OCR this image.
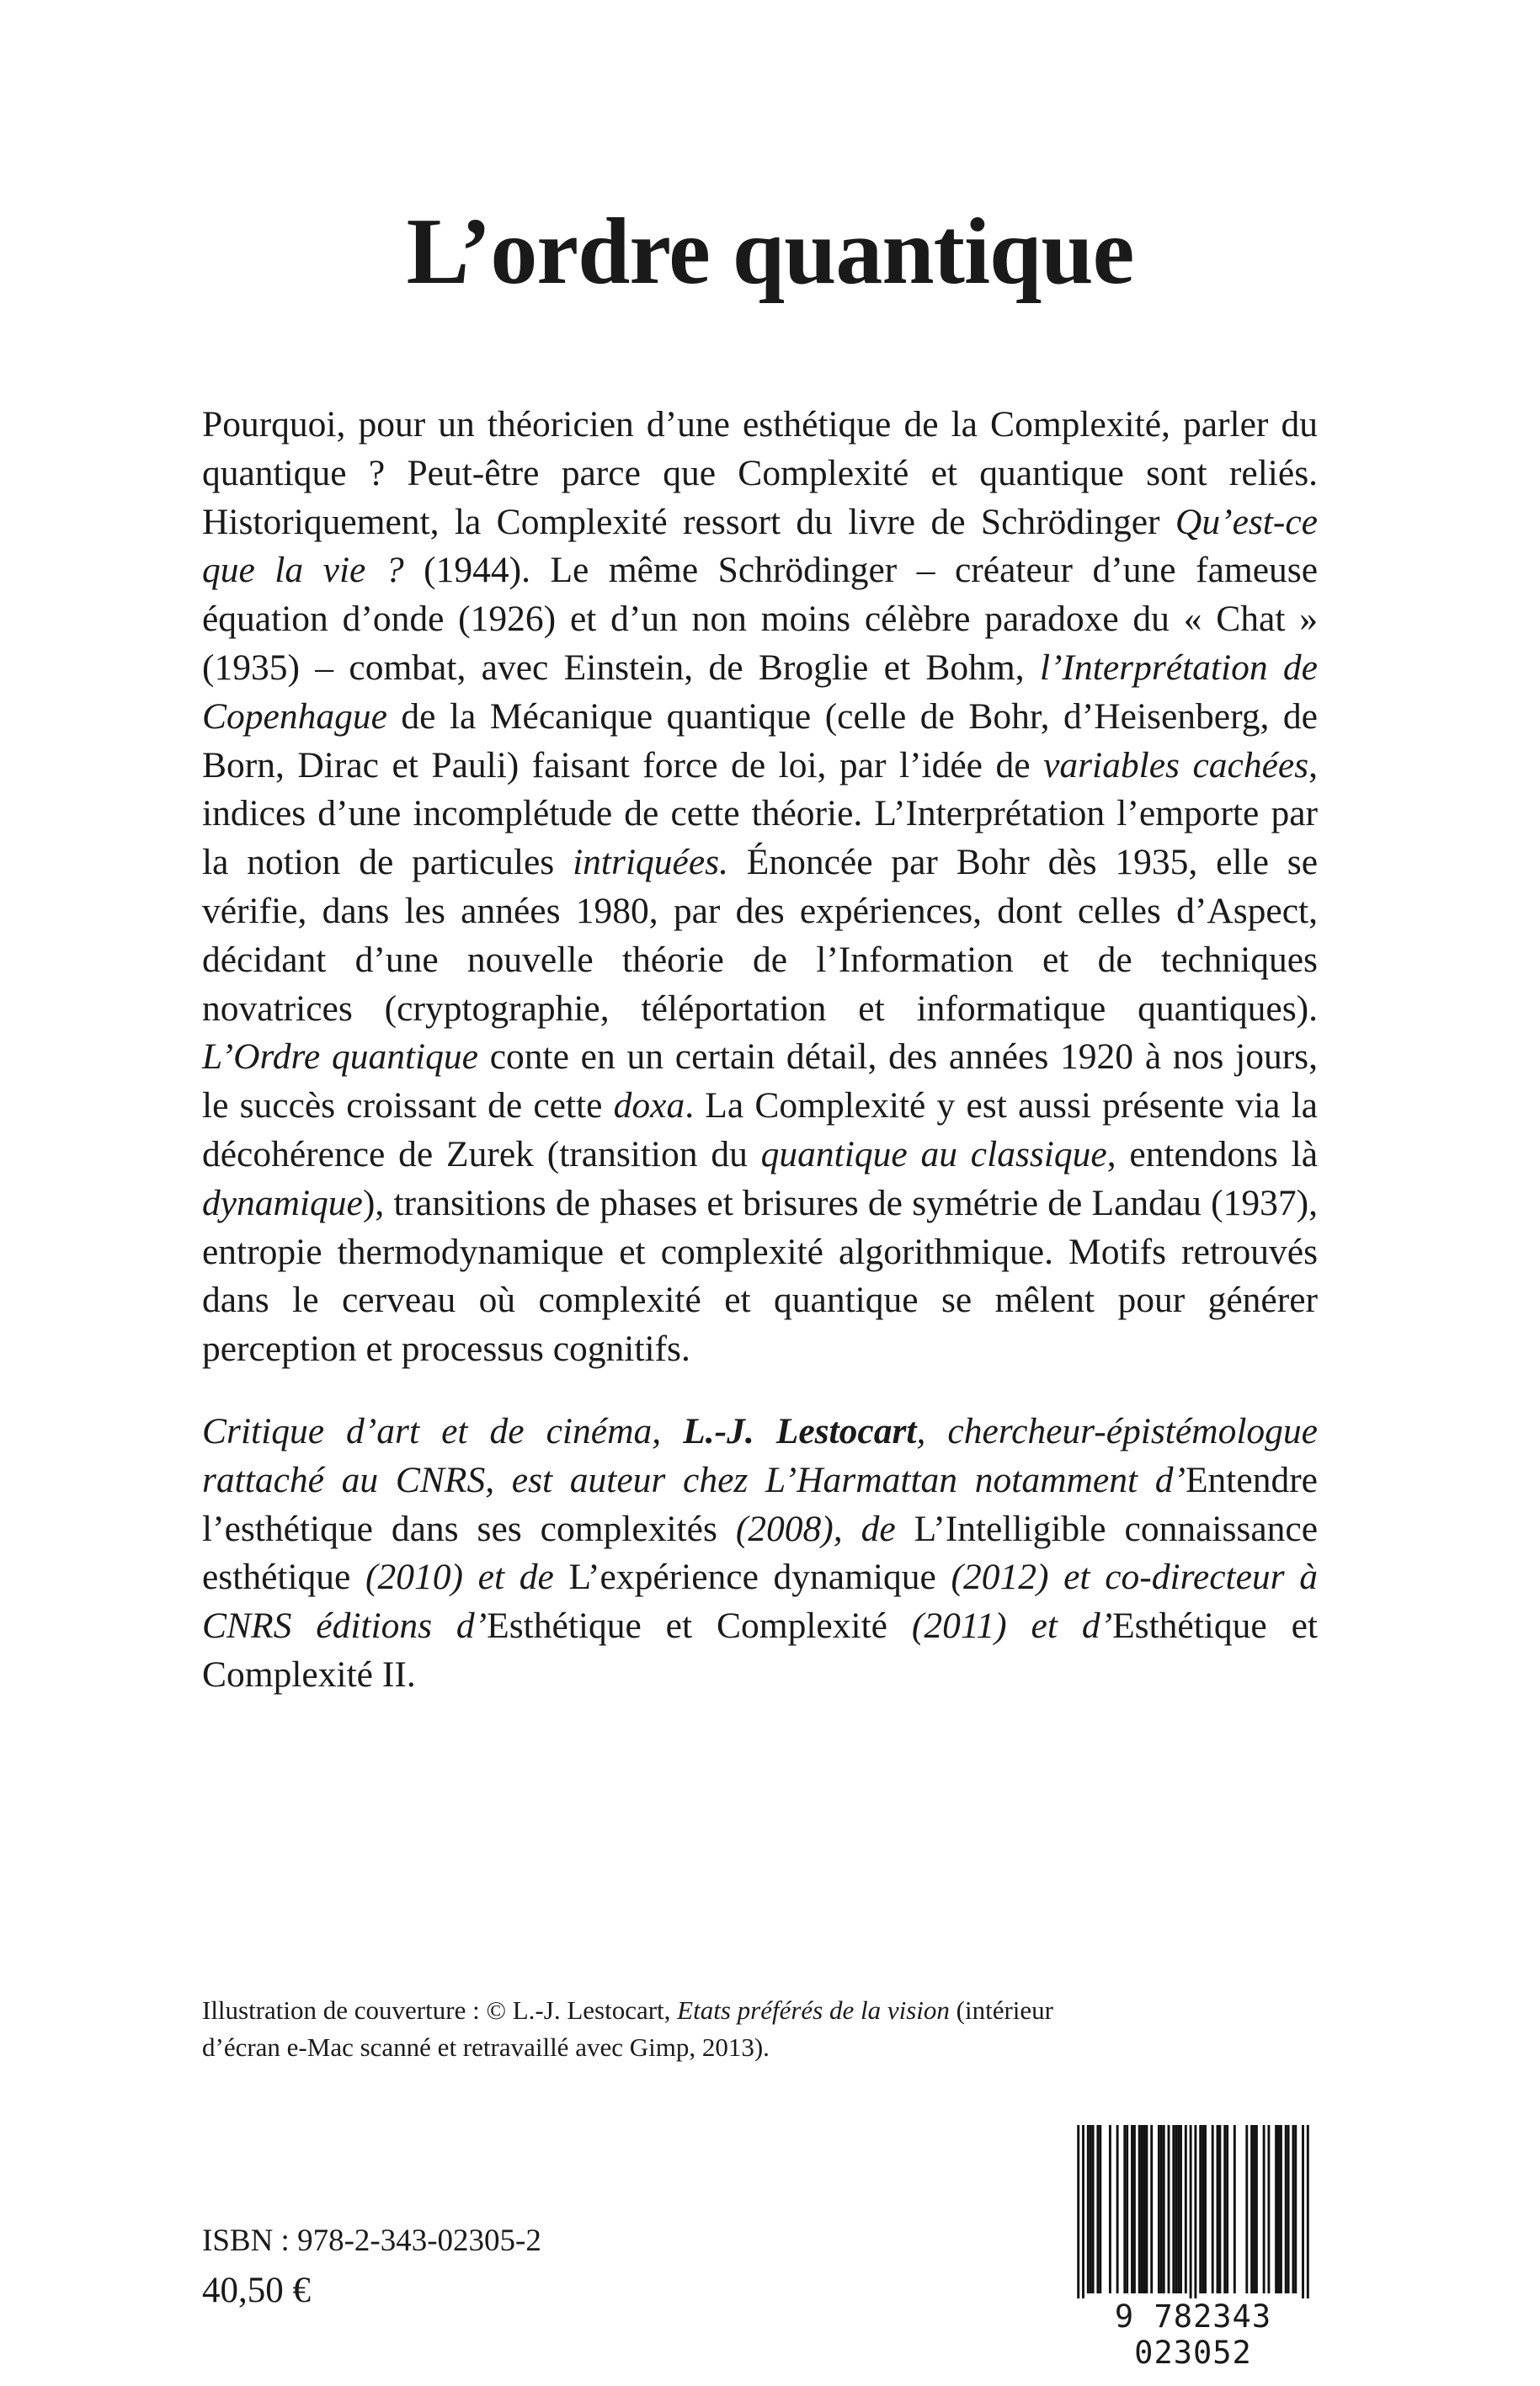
L’ordre quantique

Pourquoi, pour un théoricien d’une esthétique de la Complexité, parler du quantique ? Peut-être parce que Complexité et quantique sont reliés. Historiquement, la Complexité ressort du livre de Schrödinger Qu’est-ce que la vie ? (1944). Le même Schrödinger – créateur d’une fameuse équation d’onde (1926) et d’un non moins célèbre paradoxe du « Chat » (1935) – combat, avec Einstein, de Broglie et Bohm, l’Interprétation de Copenhague de la Mécanique quantique (celle de Bohr, d’Heisenberg, de Born, Dirac et Pauli) faisant force de loi, par l’idée de variables cachées, indices d’une incomplétude de cette théorie. L’Interprétation l’emporte par la notion de particules intriquées. Énoncée par Bohr dès 1935, elle se vérifie, dans les années 1980, par des expériences, dont celles d’Aspect, décidant d’une nouvelle théorie de l’Information et de techniques novatrices (cryptographie, téléportation et informatique quantiques). L’Ordre quantique conte en un certain détail, des années 1920 à nos jours, le succès croissant de cette doxa. La Complexité y est aussi présente via la décohérence de Zurek (transition du quantique au classique, entendons là dynamique), transitions de phases et brisures de symétrie de Landau (1937), entropie thermodynamique et complexité algorithmique. Motifs retrouvés dans le cerveau où complexité et quantique se mêlent pour générer perception et processus cognitifs.

Critique d’art et de cinéma, L.-J. Lestocart, chercheur-épistémologue rattaché au CNRS, est auteur chez L’Harmattan notamment d’Entendre l’esthétique dans ses complexités (2008), de L’Intelligible connaissance esthétique (2010) et de L’expérience dynamique (2012) et co-directeur à CNRS éditions d’Esthétique et Complexité (2011) et d’Esthétique et Complexité II.

Illustration de couverture : © L.-J. Lestocart, Etats préférés de la vision (intérieur d’écran e-Mac scanné et retravaillé avec Gimp, 2013).

ISBN : 978-2-343-02305-2
40,50 €
9 782343 023052
